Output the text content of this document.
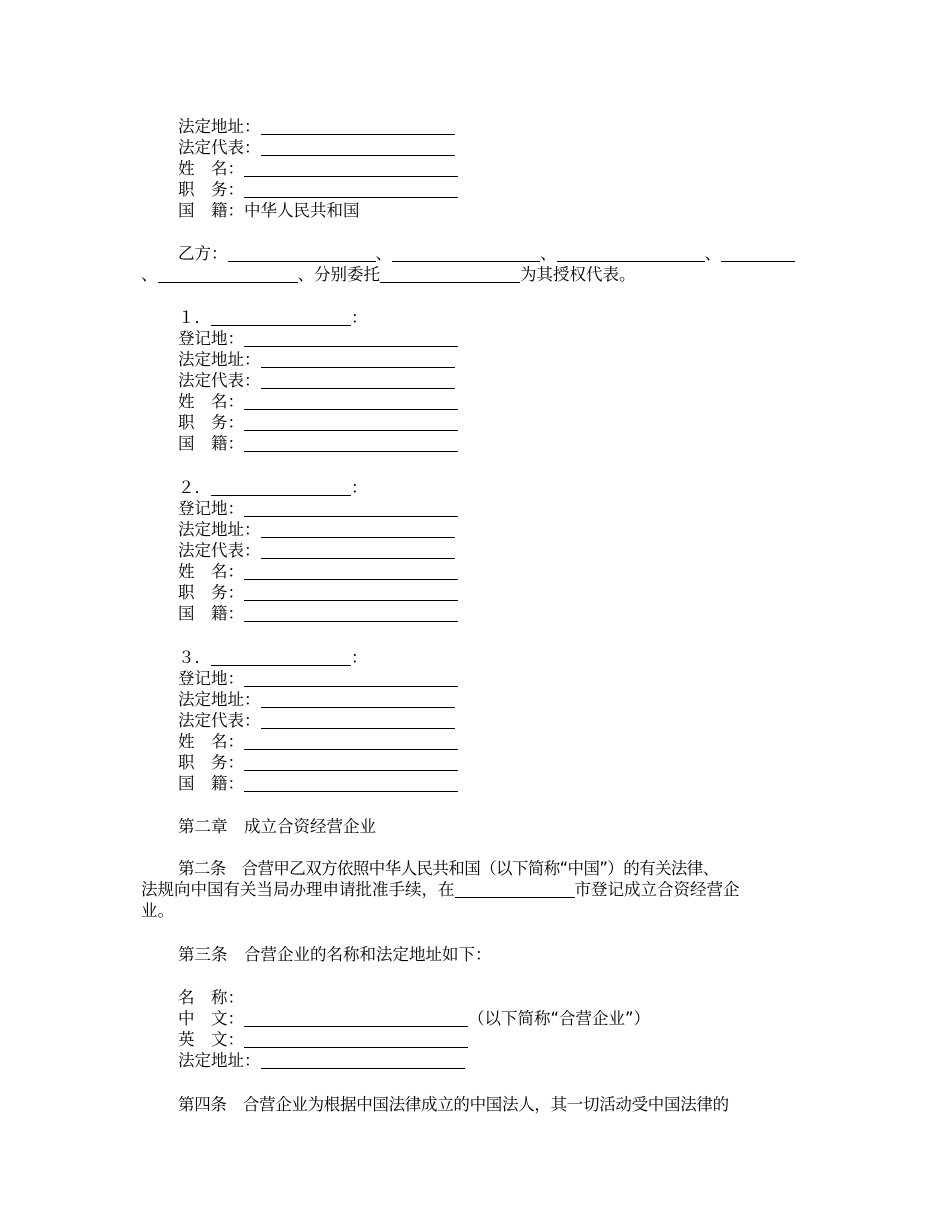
法定地址：
法定代表：
姓　名：
职　务：
国　籍：中华人民共和国
乙方：	、	、	、
、	、分别委托	为其授权代表。
１．	：
登记地：
法定地址：
法定代表：
姓　名：
职　务：
国　籍：
２．	：
登记地：
法定地址：
法定代表：
姓　名：
职　务：
国　籍：
３．	：
登记地：
法定地址：
法定代表：
姓　名：
职　务：
国　籍：
第二章　成立合资经营企业
第二条　合营甲乙双方依照中华人民共和国（以下简称“中国”）的有关法律、
法规向中国有关当局办理申请批准手续，在	市登记成立合资经营企
业。
第三条　合营企业的名称和法定地址如下：
名　称：
中　文：	（以下简称“合营企业”）
英　文：
法定地址：
第四条　合营企业为根据中国法律成立的中国法人，其一切活动受中国法律的
